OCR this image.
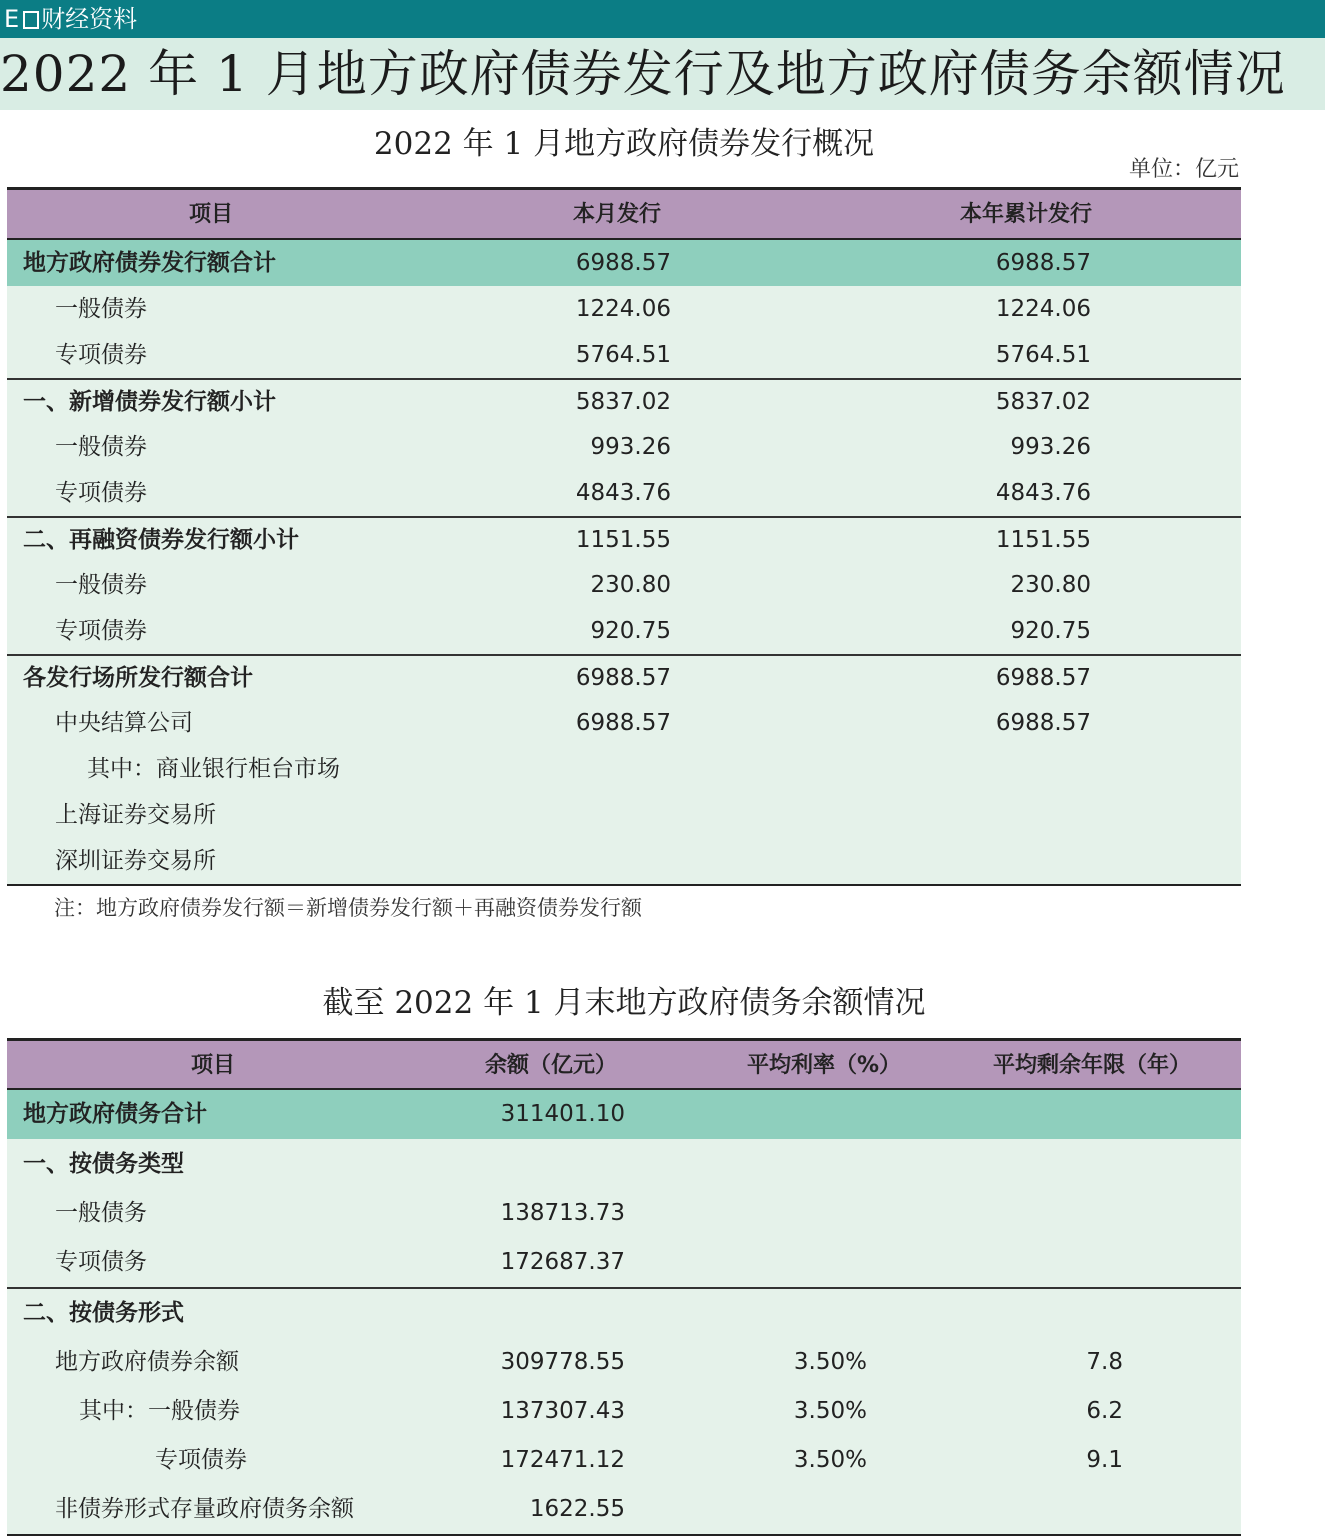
E 财经资料
2022 年 1 月地方政府债券发行及地方政府债务余额情况
2022 年 1 月地方政府债券发行概况
单位：亿元
项目	本月发行	本年累计发行
地方政府债券发行额合计	6988.57	6988.57
一般债券	1224.06	1224.06
专项债券	5764.51	5764.51
一、新增债券发行额小计	5837.02	5837.02
一般债券	993.26	993.26
专项债券	4843.76	4843.76
二、再融资债券发行额小计	1151.55	1151.55
一般债券	230.80	230.80
专项债券	920.75	920.75
各发行场所发行额合计	6988.57	6988.57
中央结算公司	6988.57	6988.57
其中：商业银行柜台市场
上海证券交易所
深圳证券交易所
注：地方政府债券发行额＝新增债券发行额＋再融资债券发行额
截至 2022 年 1 月末地方政府债务余额情况
项目	余额（亿元）	平均利率（%）	平均剩余年限（年）
地方政府债务合计	311401.10
一、按债务类型
一般债务	138713.73
专项债务	172687.37
二、按债务形式
地方政府债券余额	309778.55	3.50%	7.8
其中：一般债券	137307.43	3.50%	6.2
专项债券	172471.12	3.50%	9.1
非债券形式存量政府债务余额	1622.55
